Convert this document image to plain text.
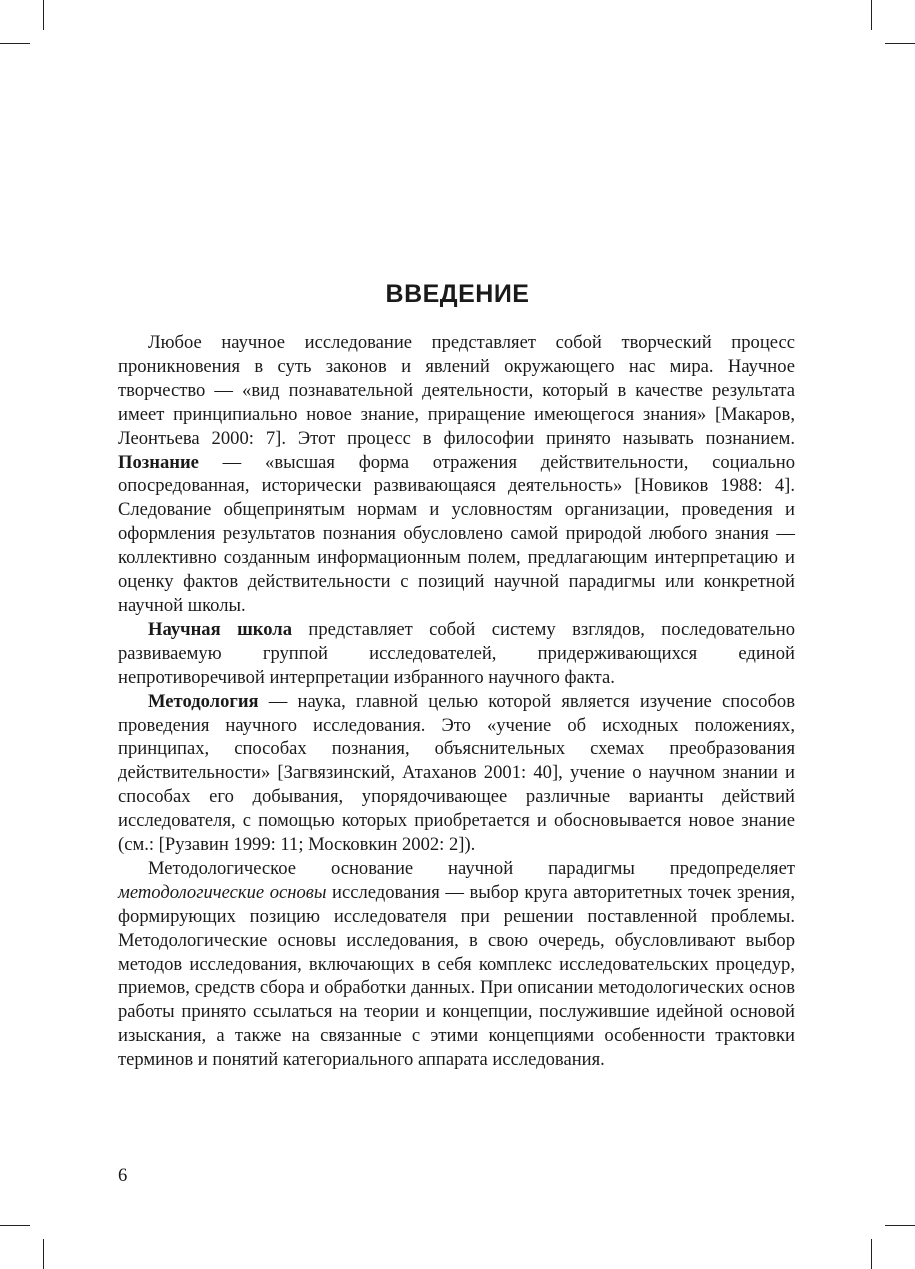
ВВЕДЕНИЕ

Любое научное исследование представляет собой творческий процесс проникновения в суть законов и явлений окружающего нас мира. Научное творчество — «вид познавательной деятельности, который в качестве результата имеет принципиально новое знание, приращение имеющегося знания» [Макаров, Леонтьева 2000: 7]. Этот процесс в философии принято называть познанием. Познание — «высшая форма отражения действительности, социально опосредованная, исторически развивающаяся деятельность» [Новиков 1988: 4]. Следование общепринятым нормам и условностям организации, проведения и оформления результатов познания обусловлено самой природой любого знания — коллективно созданным информационным полем, предлагающим интерпретацию и оценку фактов действительности с позиций научной парадигмы или конкретной научной школы.

Научная школа представляет собой систему взглядов, последовательно развиваемую группой исследователей, придерживающихся единой непротиворечивой интерпретации избранного научного факта.

Методология — наука, главной целью которой является изучение способов проведения научного исследования. Это «учение об исходных положениях, принципах, способах познания, объяснительных схемах преобразования действительности» [Загвязинский, Атаханов 2001: 40], учение о научном знании и способах его добывания, упорядочивающее различные варианты действий исследователя, с помощью которых приобретается и обосновывается новое знание (см.: [Рузавин 1999: 11; Московкин 2002: 2]).

Методологическое основание научной парадигмы предопределяет методологические основы исследования — выбор круга авторитетных точек зрения, формирующих позицию исследователя при решении поставленной проблемы. Методологические основы исследования, в свою очередь, обусловливают выбор методов исследования, включающих в себя комплекс исследовательских процедур, приемов, средств сбора и обработки данных. При описании методологических основ работы принято ссылаться на теории и концепции, послужившие идейной основой изыскания, а также на связанные с этими концепциями особенности трактовки терминов и понятий категориального аппарата исследования.

6
